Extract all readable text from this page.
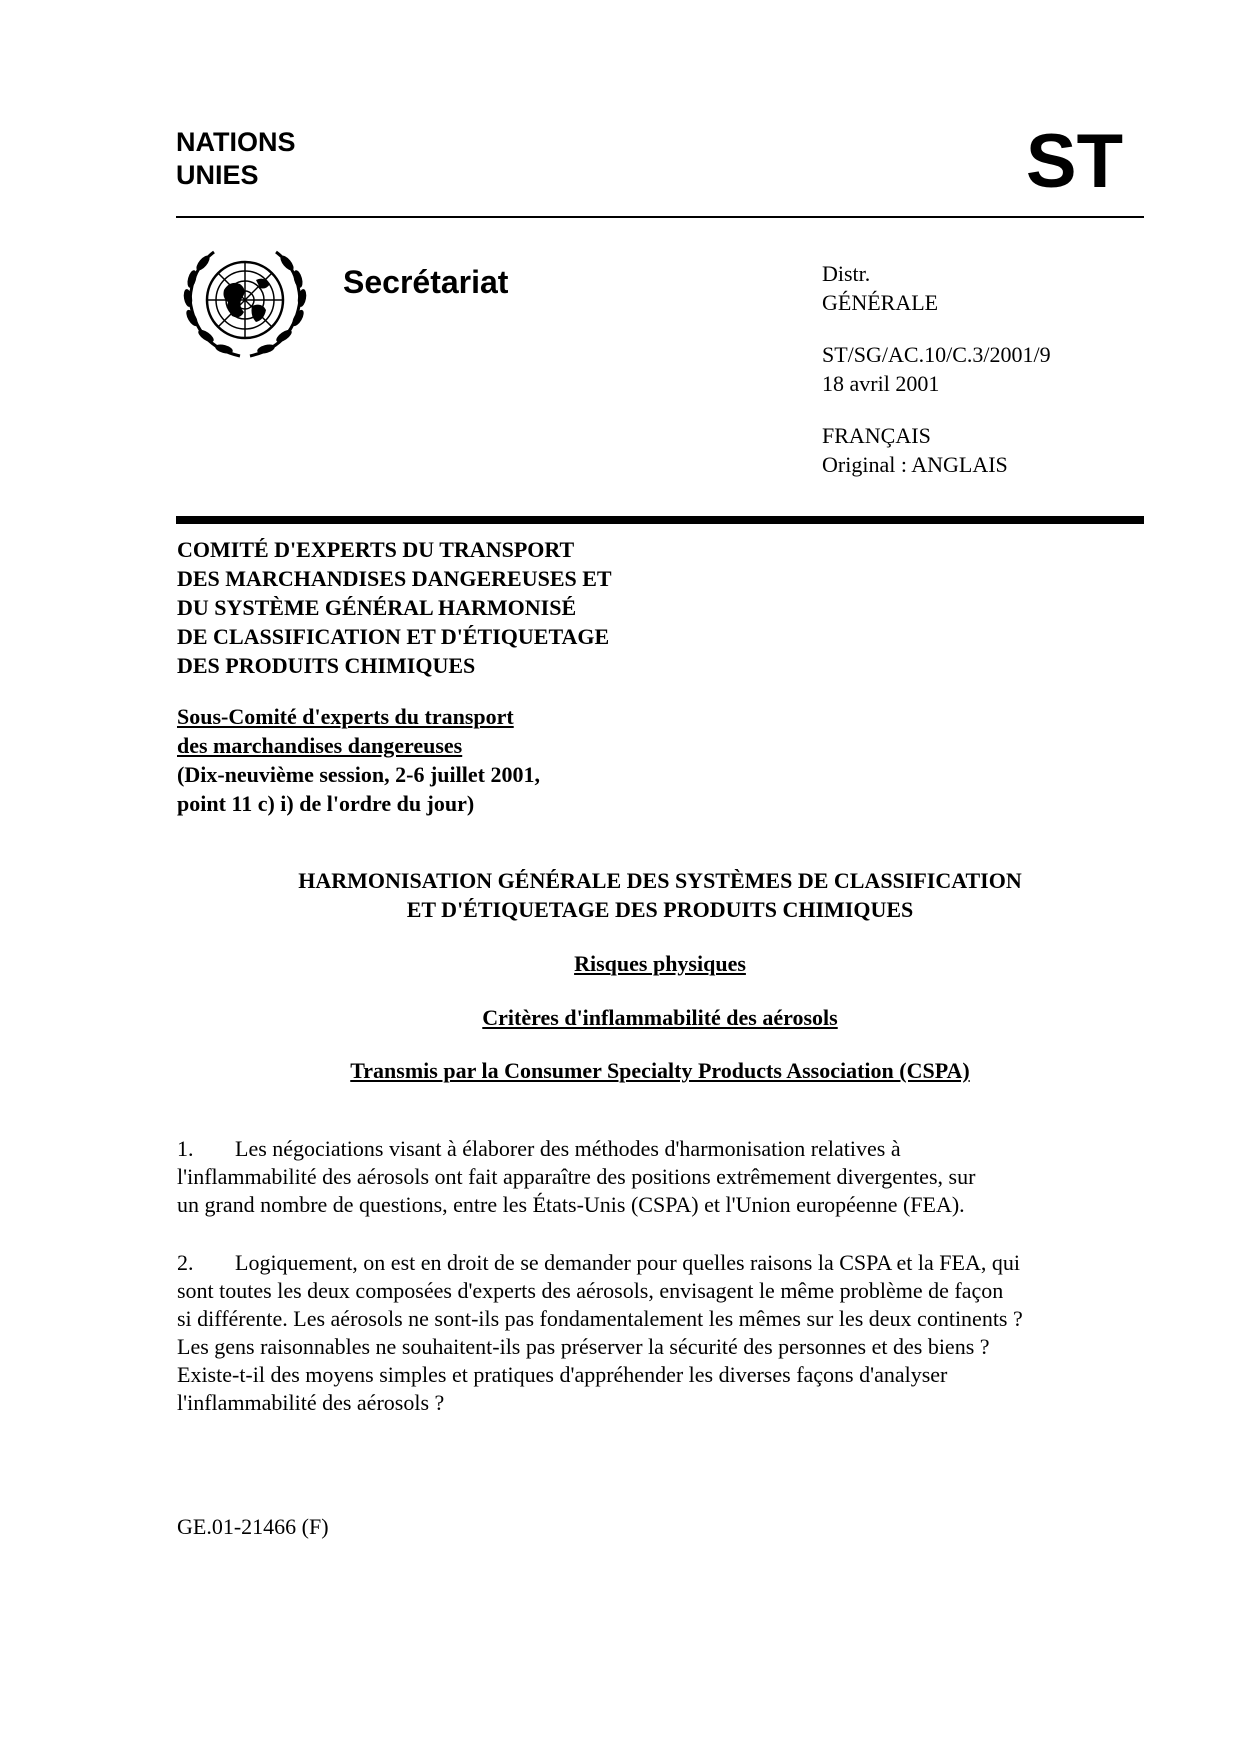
NATIONS
UNIES	ST
Secrétariat	Distr.
GÉNÉRALE
ST/SG/AC.10/C.3/2001/9
18 avril 2001
FRANÇAIS
Original : ANGLAIS
COMITÉ D'EXPERTS DU TRANSPORT
DES MARCHANDISES DANGEREUSES ET
DU SYSTÈME GÉNÉRAL HARMONISÉ
DE CLASSIFICATION ET D'ÉTIQUETAGE
DES PRODUITS CHIMIQUES
Sous-Comité d'experts du transport
des marchandises dangereuses
(Dix-neuvième session, 2-6 juillet 2001,
point 11 c) i) de l'ordre du jour)
HARMONISATION GÉNÉRALE DES SYSTÈMES DE CLASSIFICATION
ET D'ÉTIQUETAGE DES PRODUITS CHIMIQUES
Risques physiques
Critères d'inflammabilité des aérosols
Transmis par la Consumer Specialty Products Association (CSPA)
1. Les négociations visant à élaborer des méthodes d'harmonisation relatives à
l'inflammabilité des aérosols ont fait apparaître des positions extrêmement divergentes, sur
un grand nombre de questions, entre les États-Unis (CSPA) et l'Union européenne (FEA).
2. Logiquement, on est en droit de se demander pour quelles raisons la CSPA et la FEA, qui
sont toutes les deux composées d'experts des aérosols, envisagent le même problème de façon
si différente. Les aérosols ne sont-ils pas fondamentalement les mêmes sur les deux continents ?
Les gens raisonnables ne souhaitent-ils pas préserver la sécurité des personnes et des biens ?
Existe-t-il des moyens simples et pratiques d'appréhender les diverses façons d'analyser
l'inflammabilité des aérosols ?
GE.01-21466 (F)
